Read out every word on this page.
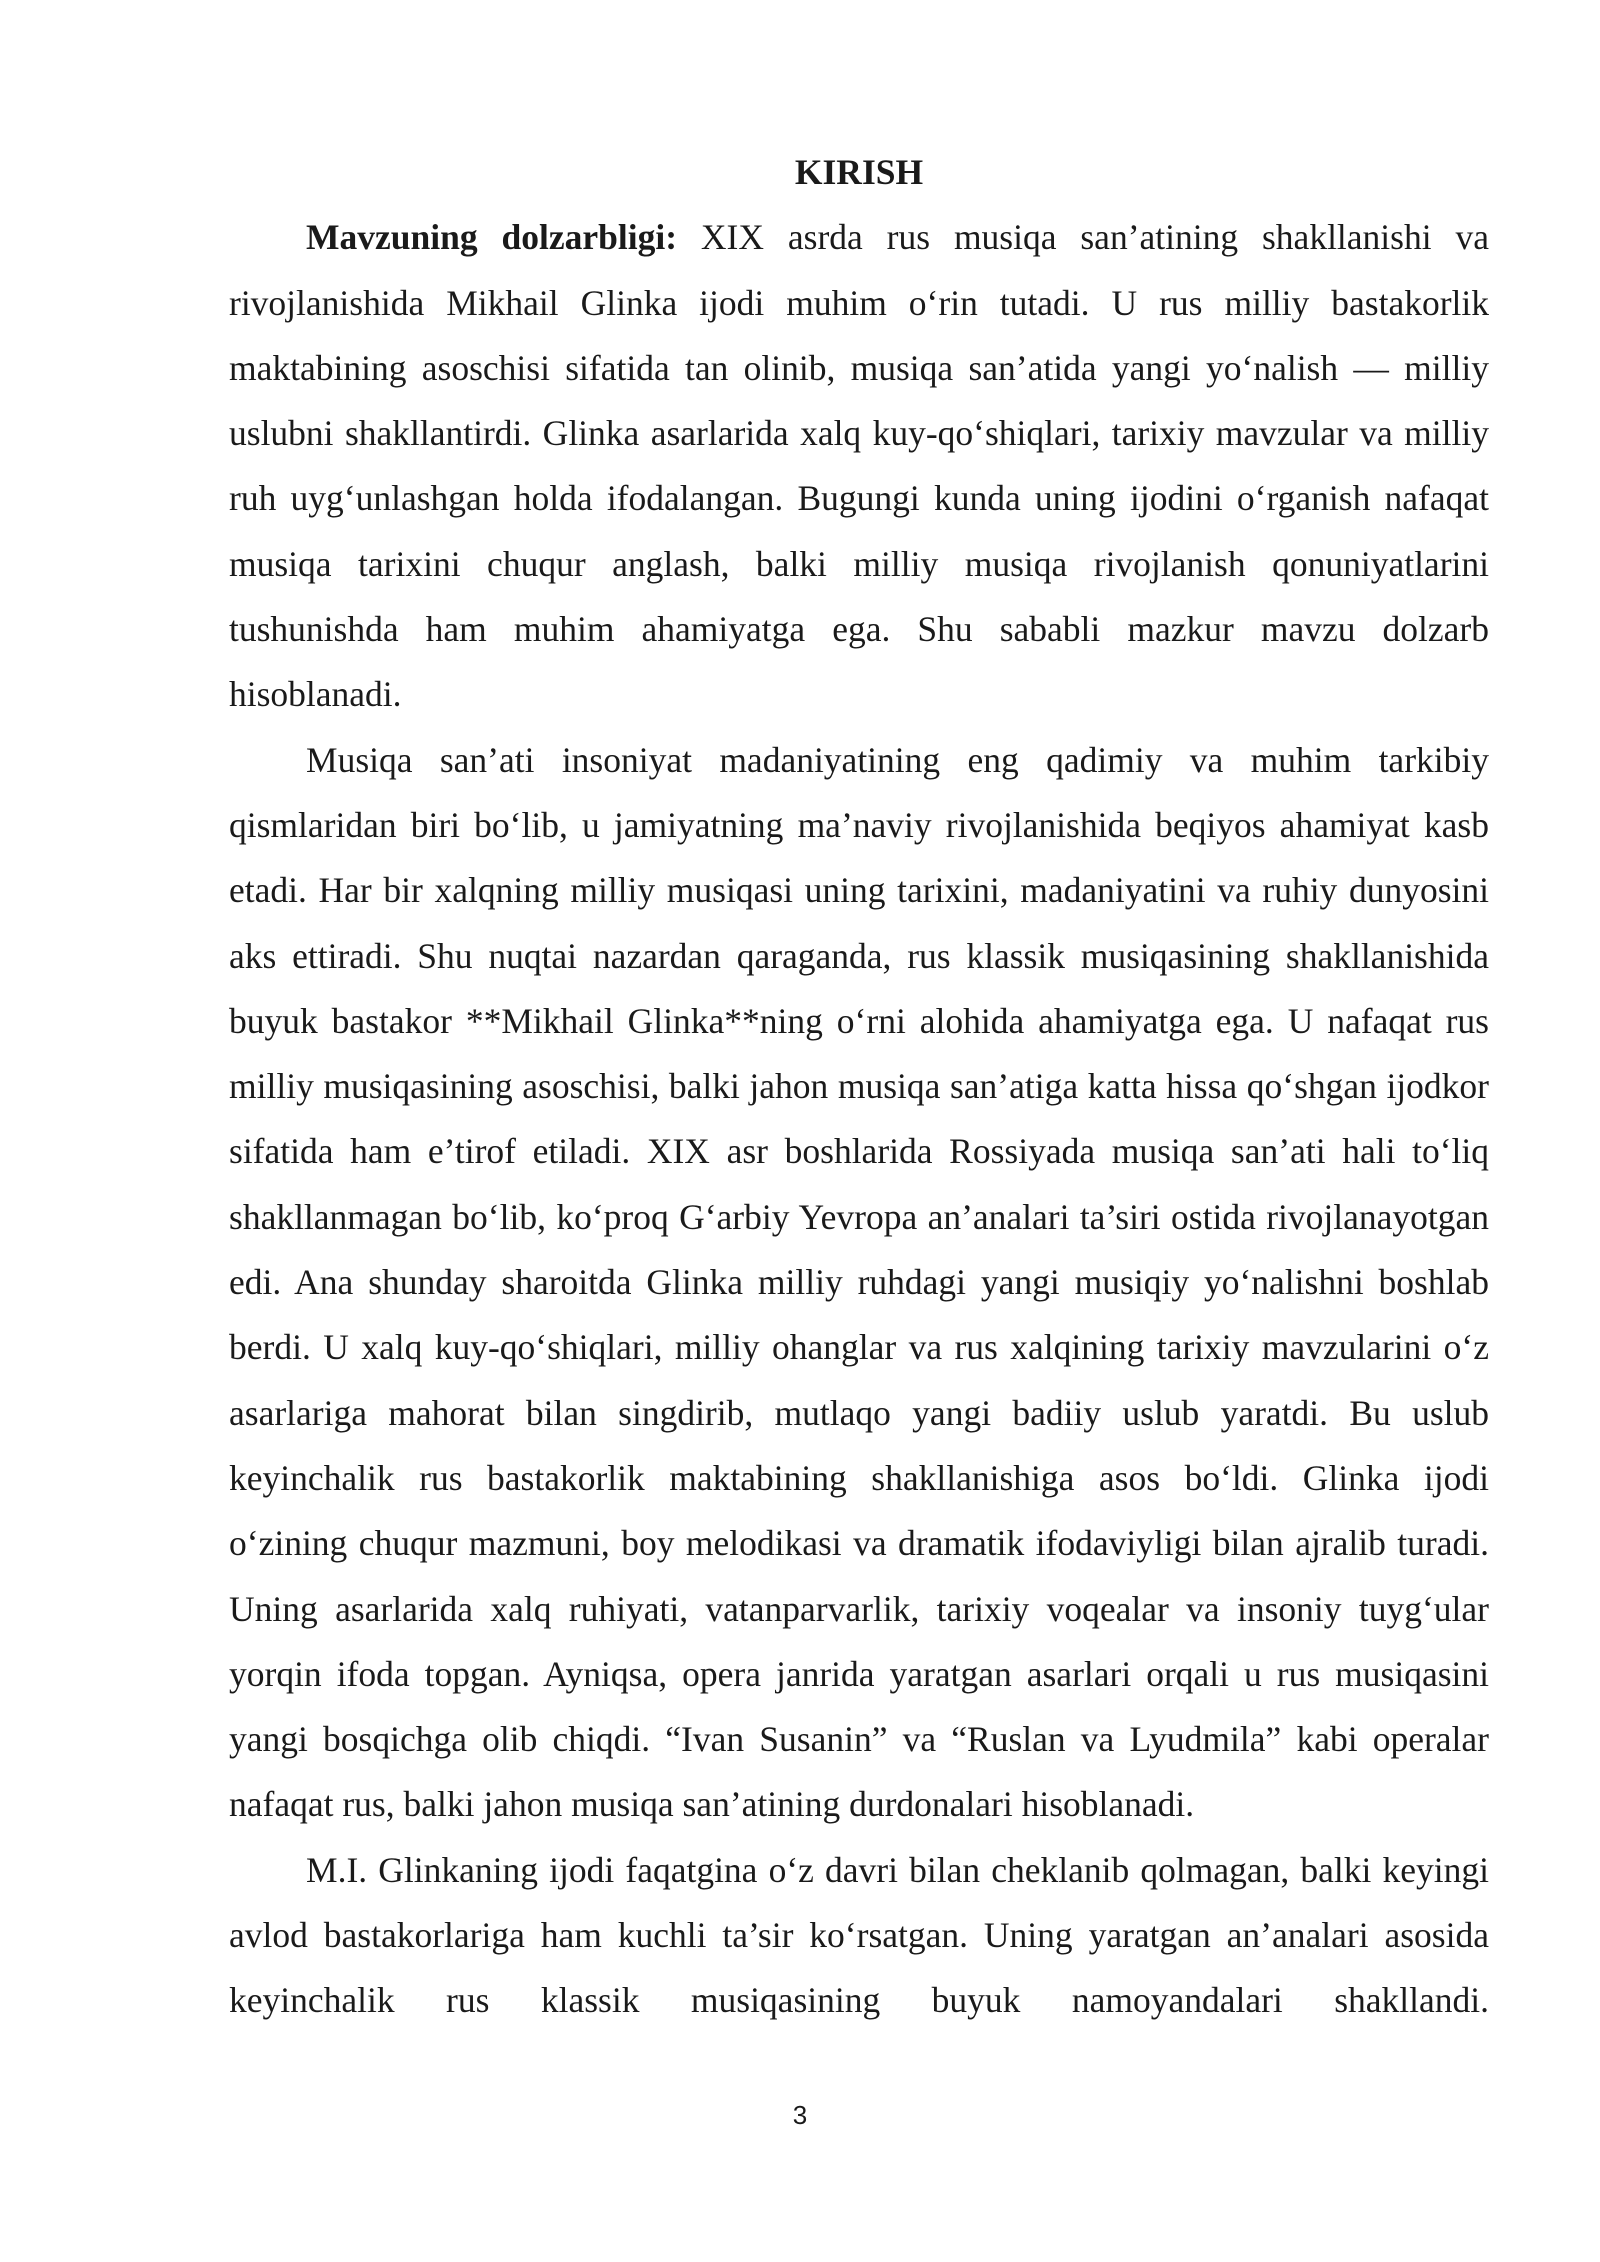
KIRISH

Mavzuning dolzarbligi: XIX asrda rus musiqa san’atining shakllanishi va rivojlanishida Mikhail Glinka ijodi muhim o‘rin tutadi. U rus milliy bastakorlik maktabining asoschisi sifatida tan olinib, musiqa san’atida yangi yo‘nalish — milliy uslubni shakllantirdi. Glinka asarlarida xalq kuy-qo‘shiqlari, tarixiy mavzular va milliy ruh uyg‘unlashgan holda ifodalangan. Bugungi kunda uning ijodini o‘rganish nafaqat musiqa tarixini chuqur anglash, balki milliy musiqa rivojlanish qonuniyatlarini tushunishda ham muhim ahamiyatga ega. Shu sababli mazkur mavzu dolzarb hisoblanadi.

Musiqa san’ati insoniyat madaniyatining eng qadimiy va muhim tarkibiy qismlaridan biri bo‘lib, u jamiyatning ma’naviy rivojlanishida beqiyos ahamiyat kasb etadi. Har bir xalqning milliy musiqasi uning tarixini, madaniyatini va ruhiy dunyosini aks ettiradi. Shu nuqtai nazardan qaraganda, rus klassik musiqasining shakllanishida buyuk bastakor **Mikhail Glinka**ning o‘rni alohida ahamiyatga ega. U nafaqat rus milliy musiqasining asoschisi, balki jahon musiqa san’atiga katta hissa qo‘shgan ijodkor sifatida ham e’tirof etiladi. XIX asr boshlarida Rossiyada musiqa san’ati hali to‘liq shakllanmagan bo‘lib, ko‘proq G‘arbiy Yevropa an’analari ta’siri ostida rivojlanayotgan edi. Ana shunday sharoitda Glinka milliy ruhdagi yangi musiqiy yo‘nalishni boshlab berdi. U xalq kuy-qo‘shiqlari, milliy ohanglar va rus xalqining tarixiy mavzularini o‘z asarlariga mahorat bilan singdirib, mutlaqo yangi badiiy uslub yaratdi. Bu uslub keyinchalik rus bastakorlik maktabining shakllanishiga asos bo‘ldi. Glinka ijodi o‘zining chuqur mazmuni, boy melodikasi va dramatik ifodaviyligi bilan ajralib turadi. Uning asarlarida xalq ruhiyati, vatanparvarlik, tarixiy voqealar va insoniy tuyg‘ular yorqin ifoda topgan. Ayniqsa, opera janrida yaratgan asarlari orqali u rus musiqasini yangi bosqichga olib chiqdi. “Ivan Susanin” va “Ruslan va Lyudmila” kabi operalar nafaqat rus, balki jahon musiqa san’atining durdonalari hisoblanadi.

M.I. Glinkaning ijodi faqatgina o‘z davri bilan cheklanib qolmagan, balki keyingi avlod bastakorlariga ham kuchli ta’sir ko‘rsatgan. Uning yaratgan an’analari asosida keyinchalik rus klassik musiqasining buyuk namoyandalari shakllandi.

3
